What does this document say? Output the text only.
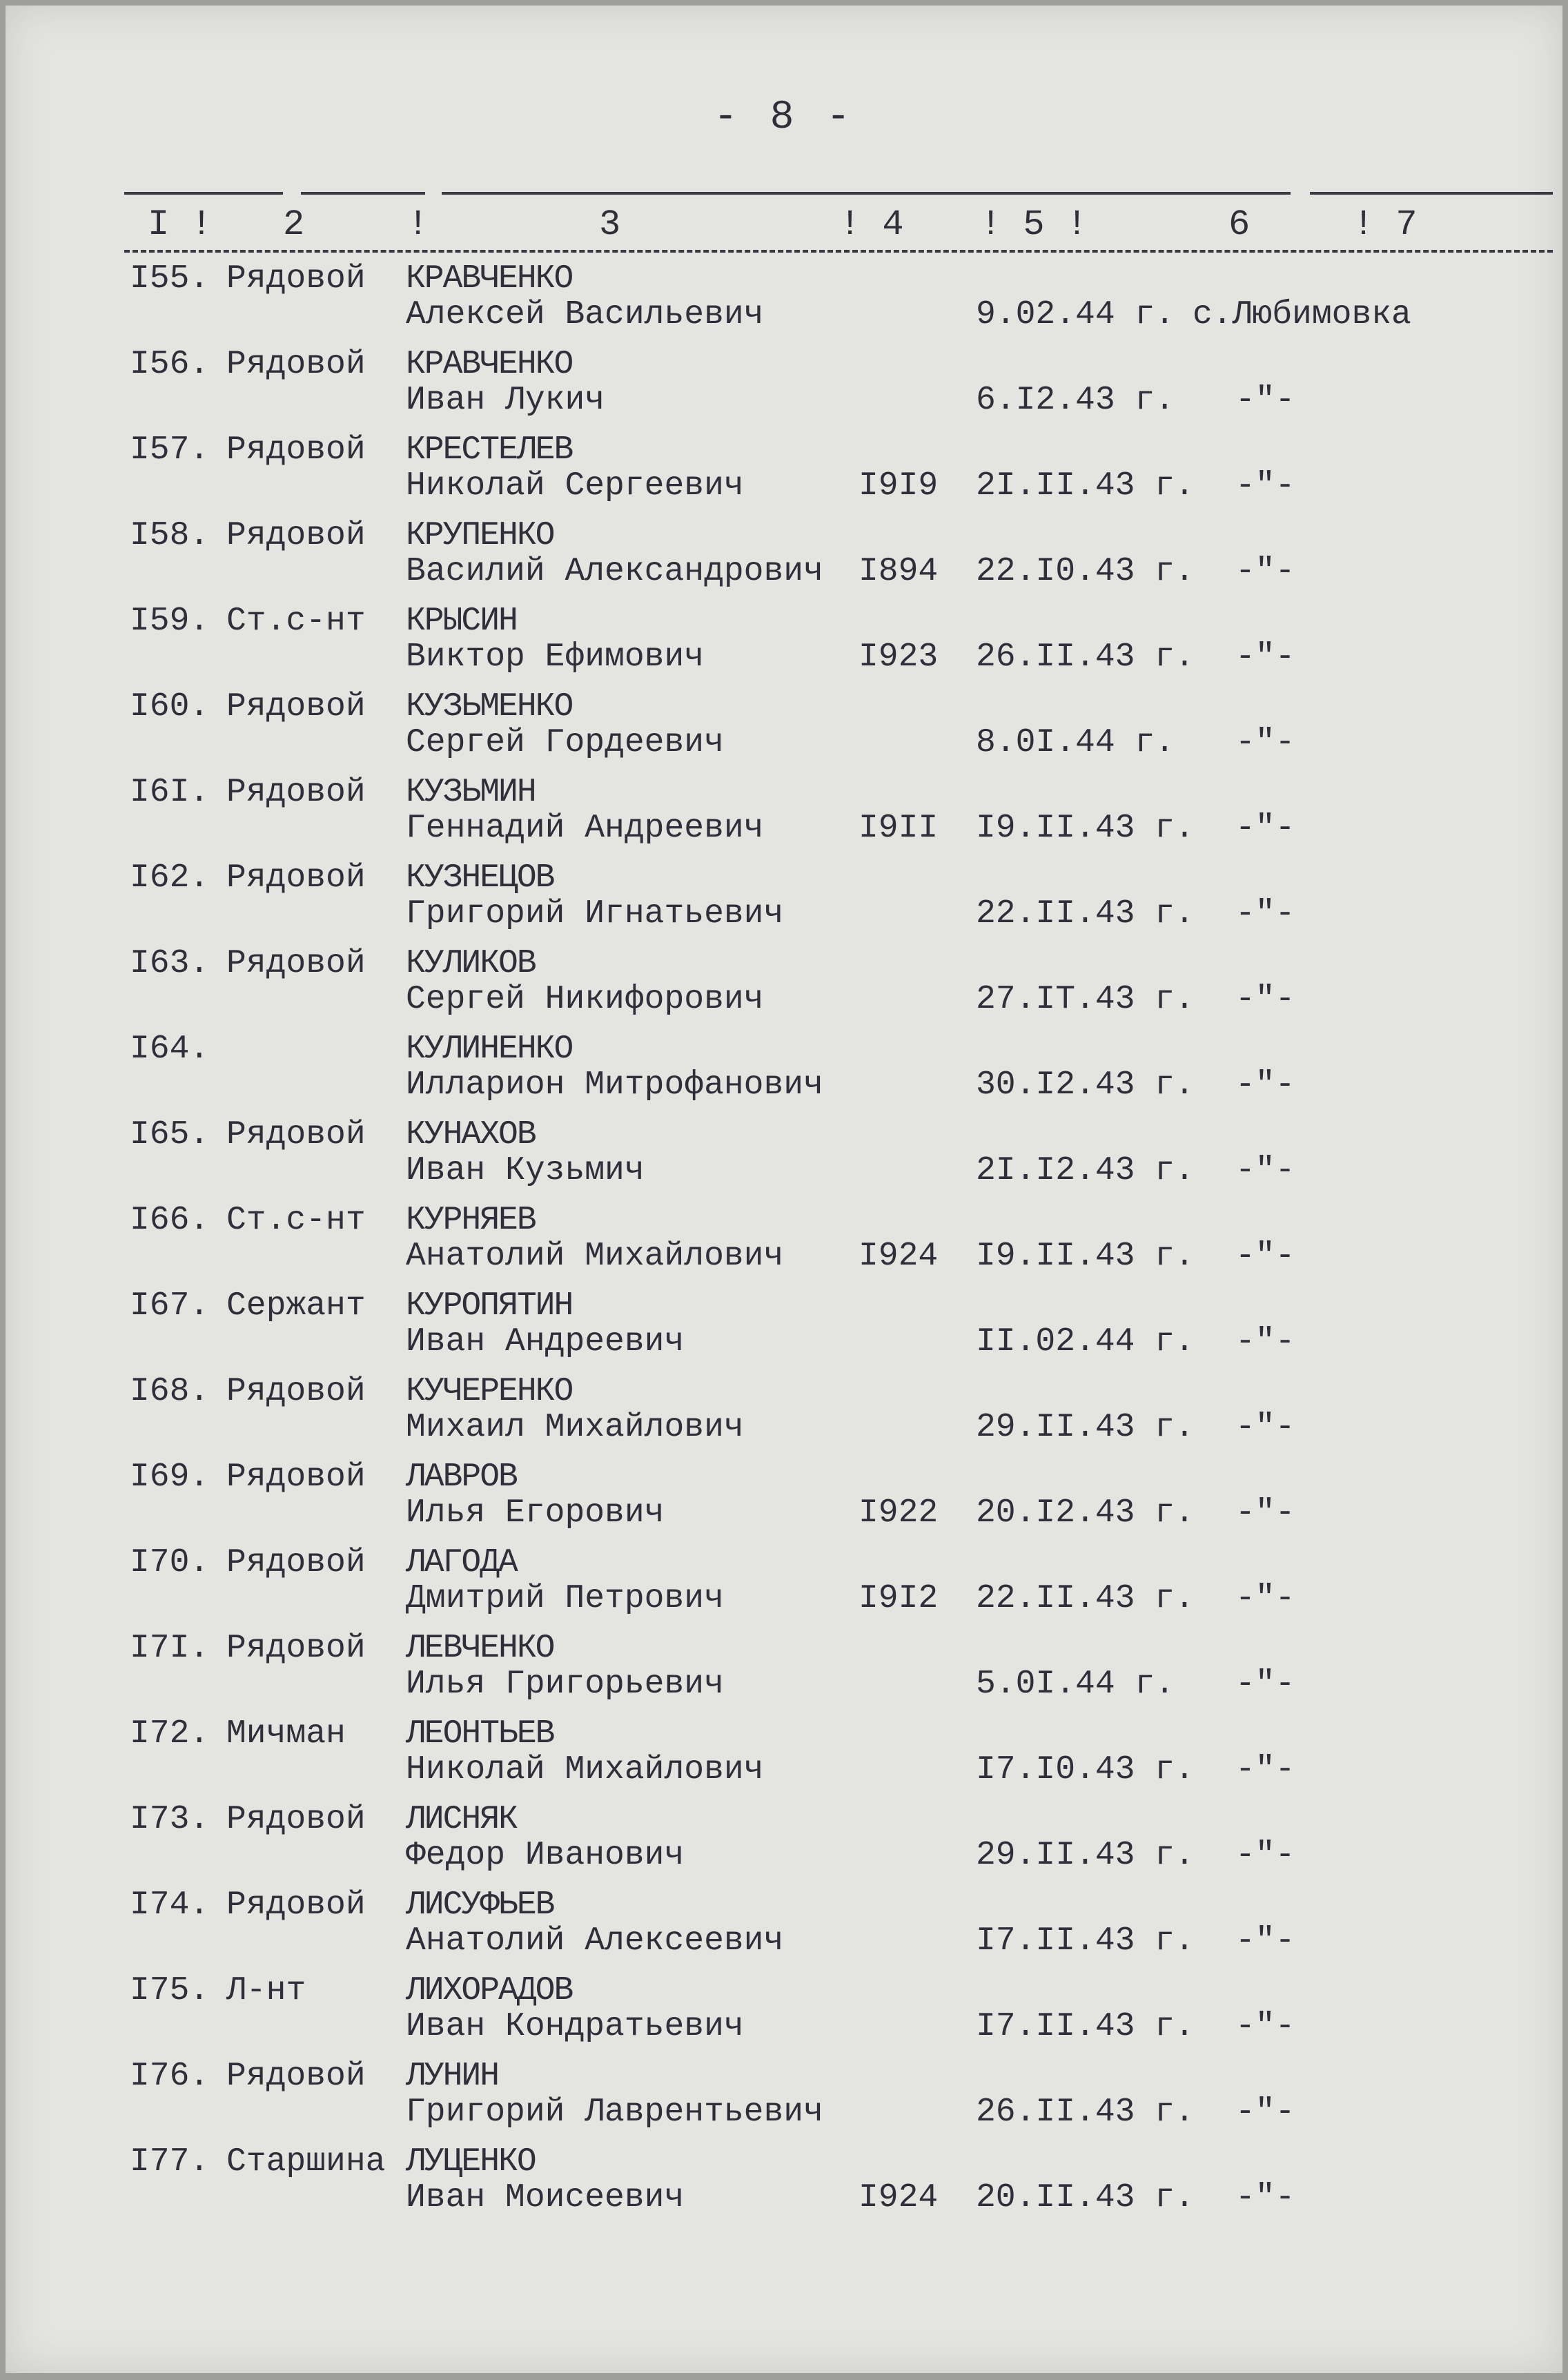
- 8 -
I ! 2	!	3	! 4 ! 5 !	6	! 7
I55. Рядовой КРАВЧЕНКО
Алексей Васильевич	9.02.44 г. с.Любимовка
I56. Рядовой КРАВЧЕНКО
Иван Лукич	6.I2.43 г. -"-
I57. Рядовой КРЕСТЕЛЕВ
Николай Сергеевич	I9I9 2I.II.43 г. -"-
I58. Рядовой КРУПЕНКО
Василий Александрович I894 22.I0.43 г. -"-
I59. Ст.с-нт КРЫСИН
Виктор Ефимович	I923 26.II.43 г. -"-
I60. Рядовой КУЗЬМЕНКО
Сергей Гордеевич	8.0I.44 г. -"-
I6I. Рядовой КУЗЬМИН
Геннадий Андреевич	I9II I9.II.43 г. -"-
I62. Рядовой КУЗНЕЦОВ
Григорий Игнатьевич	22.II.43 г. -"-
I63. Рядовой КУЛИКОВ
Сергей Никифорович	27.IT.43 г. -"-
I64.	КУЛИНЕНКО
Илларион Митрофанович	30.I2.43 г. -"-
I65. Рядовой КУНАХОВ
Иван Кузьмич	2I.I2.43 г. -"-
I66. Ст.с-нт КУРНЯЕВ
Анатолий Михайлович I924 I9.II.43 г. -"-
I67. Сержант КУРОПЯТИН
Иван Андреевич	II.02.44 г. -"-
I68. Рядовой КУЧЕРЕНКО
Михаил Михайлович	29.II.43 г. -"-
I69. Рядовой ЛАВРОВ
Илья Егорович	I922 20.I2.43 г. -"-
I70. Рядовой ЛАГОДА
Дмитрий Петрович	I9I2 22.II.43 г. -"-
I7I. Рядовой ЛЕВЧЕНКО
Илья Григорьевич	5.0I.44 г. -"-
I72. Мичман ЛЕОНТЬЕВ
Николай Михайлович	I7.I0.43 г. -"-
I73. Рядовой ЛИСНЯК
Федор Иванович	29.II.43 г. -"-
I74. Рядовой ЛИСУФЬЕВ
Анатолий Алексеевич	I7.II.43 г. -"-
I75. Л-нт	ЛИХОРАДОВ
Иван Кондратьевич	I7.II.43 г. -"-
I76. Рядовой ЛУНИН
Григорий Лаврентьевич	26.II.43 г. -"-
I77. Старшина ЛУЦЕНКО
Иван Моисеевич	I924 20.II.43 г. -"-
